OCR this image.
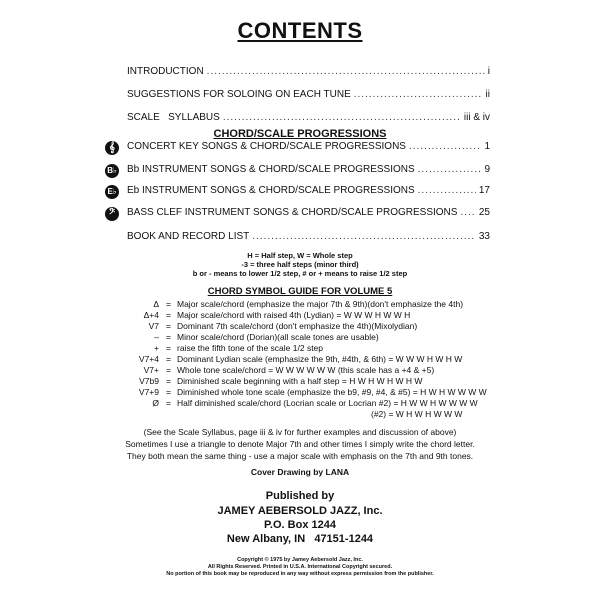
CONTENTS
INTRODUCTION .....	i
SUGGESTIONS FOR SOLOING ON EACH TUNE .....	ii
SCALE   SYLLABUS .....	iii & iv
CHORD/SCALE PROGRESSIONS
𝄞	CONCERT KEY SONGS & CHORD/SCALE PROGRESSIONS .....	1
B♭ Bb INSTRUMENT SONGS & CHORD/SCALE PROGRESSIONS .....	9
E♭ Eb INSTRUMENT SONGS & CHORD/SCALE PROGRESSIONS .....	17
𝄢	BASS CLEF INSTRUMENT SONGS & CHORD/SCALE PROGRESSIONS ..... 25
BOOK AND RECORD LIST .....	33
H = Half step, W = Whole step
-3 = three half steps (minor third)
b or - means to lower 1/2 step, # or + means to raise 1/2 step
CHORD SYMBOL GUIDE FOR VOLUME 5
Δ = Major scale/chord (emphasize the major 7th & 9th)(don't emphasize the 4th)
Δ+4 = Major scale/chord with raised 4th (Lydian) = W W W H W W H
V7 = Dominant 7th scale/chord (don't emphasize the 4th)(Mixolydian)
– = Minor scale/chord (Dorian)(all scale tones are usable)
+ = raise the fifth tone of the scale 1/2 step
V7+4 = Dominant Lydian scale (emphasize the 9th, #4th, & 6th) = W W W H W H W
V7+ = Whole tone scale/chord = W W W W W W (this scale has a +4 & +5)
V7b9 = Diminished scale beginning with a half step = H W H W H W H W
V7+9 = Diminished whole tone scale (emphasize the b9, #9, #4, & #5) = H W H W W W W
Ø = Half diminished scale/chord (Locrian scale or Locrian #2) = H W W H W W W W
(#2) = W H W H W W W
(See the Scale Syllabus, page iii & iv for further examples and discussion of above)
Sometimes I use a triangle to denote Major 7th and other times I simply write the chord letter.
They both mean the same thing - use a major scale with emphasis on the 7th and 9th tones.
Cover Drawing by LANA
Published by
JAMEY AEBERSOLD JAZZ, Inc.
P.O. Box 1244
New Albany, IN   47151-1244
Copyright © 1975 by Jamey Aebersold Jazz, Inc.
All Rights Reserved. Printed in U.S.A. International Copyright secured.
No portion of this book may be reproduced in any way without express permission from the publisher.
